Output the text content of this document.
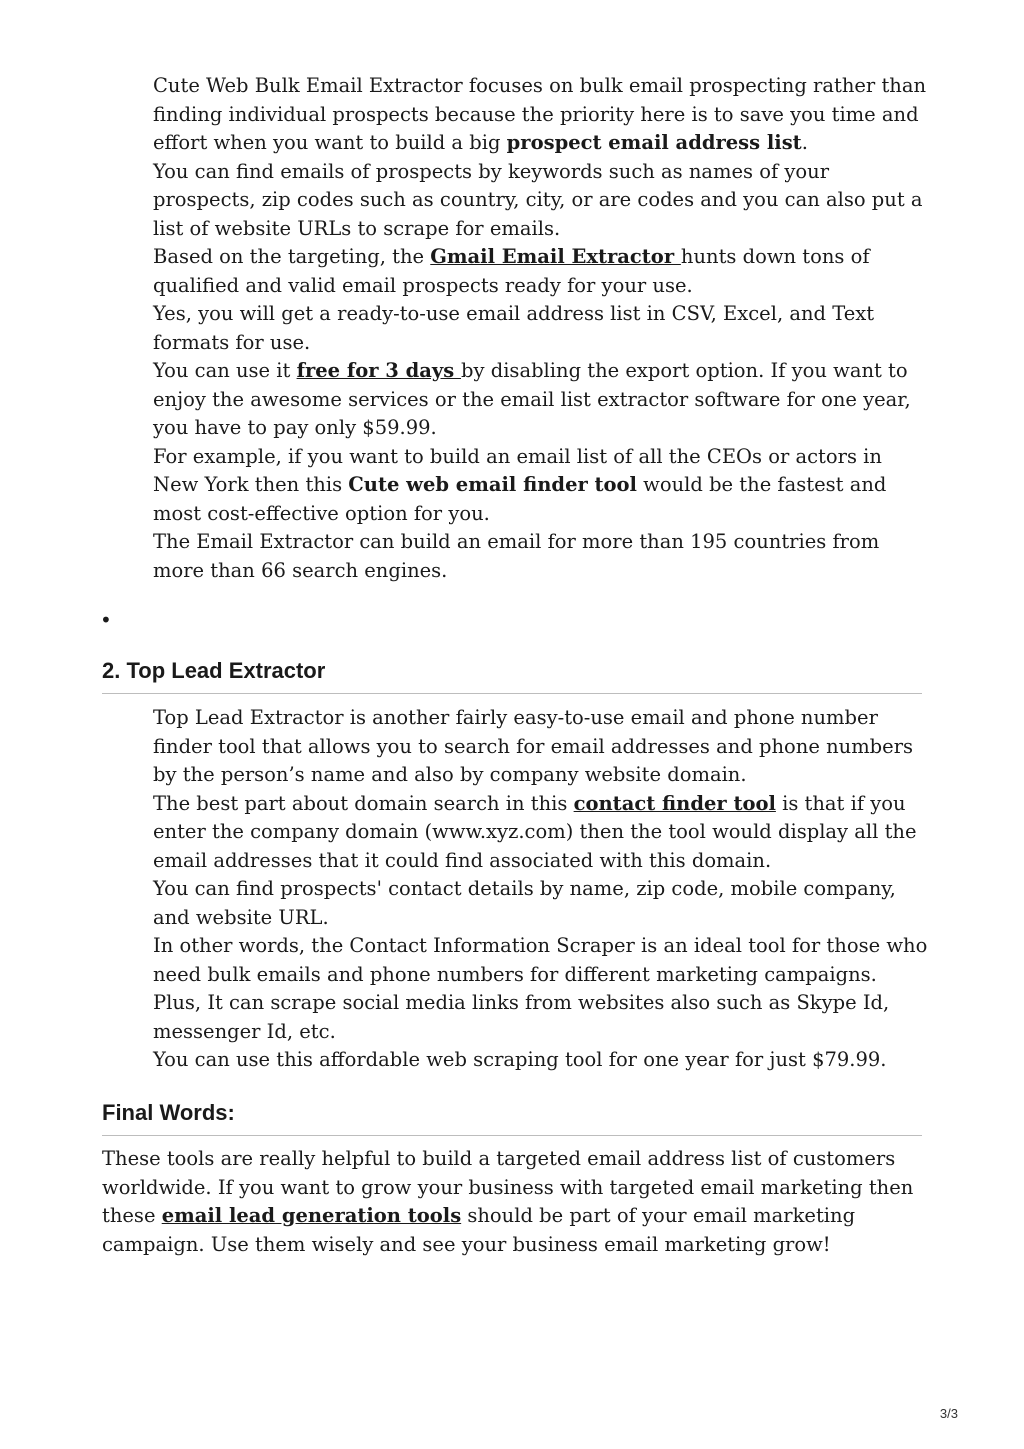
Cute Web Bulk Email Extractor focuses on bulk email prospecting rather than finding individual prospects because the priority here is to save you time and effort when you want to build a big prospect email address list.

You can find emails of prospects by keywords such as names of your prospects, zip codes such as country, city, or are codes and you can also put a list of website URLs to scrape for emails.

Based on the targeting, the Gmail Email Extractor hunts down tons of qualified and valid email prospects ready for your use.

Yes, you will get a ready-to-use email address list in CSV, Excel, and Text formats for use.

You can use it free for 3 days by disabling the export option. If you want to enjoy the awesome services or the email list extractor software for one year, you have to pay only $59.99.

For example, if you want to build an email list of all the CEOs or actors in New York then this Cute web email finder tool would be the fastest and most cost-effective option for you.

The Email Extractor can build an email for more than 195 countries from more than 66 search engines.

•
2. Top Lead Extractor

Top Lead Extractor is another fairly easy-to-use email and phone number finder tool that allows you to search for email addresses and phone numbers by the person’s name and also by company website domain.

The best part about domain search in this contact finder tool is that if you enter the company domain (www.xyz.com) then the tool would display all the email addresses that it could find associated with this domain.

You can find prospects' contact details by name, zip code, mobile company, and website URL.

In other words, the Contact Information Scraper is an ideal tool for those who need bulk emails and phone numbers for different marketing campaigns.

Plus, It can scrape social media links from websites also such as Skype Id, messenger Id, etc.

You can use this affordable web scraping tool for one year for just $79.99.

Final Words:

These tools are really helpful to build a targeted email address list of customers worldwide. If you want to grow your business with targeted email marketing then these email lead generation tools should be part of your email marketing campaign. Use them wisely and see your business email marketing grow!

3/3
